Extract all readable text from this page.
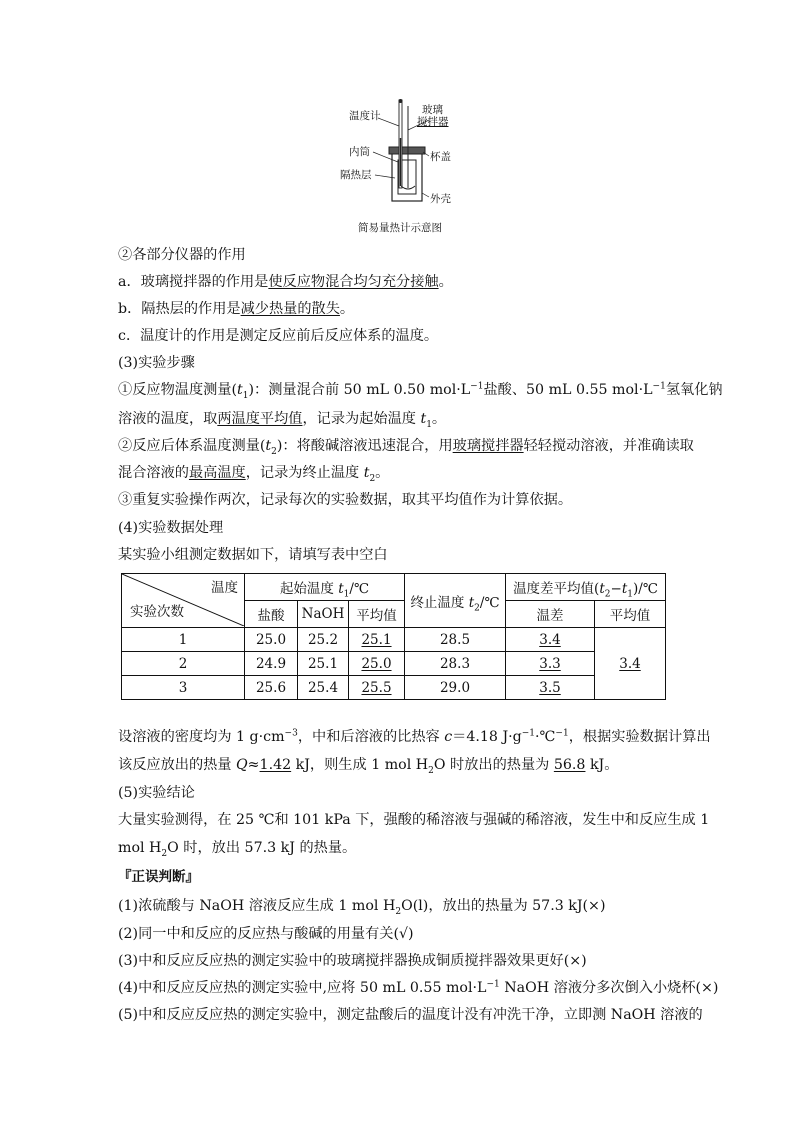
温度计	玻璃
搅拌器
内筒	杯盖
隔热层
外壳
简易量热计示意图
②各部分仪器的作用
a．玻璃搅拌器的作用是使反应物混合均匀充分接触。
b．隔热层的作用是减少热量的散失。
c．温度计的作用是测定反应前后反应体系的温度。
(3)实验步骤
①反应物温度测量$(t_1)$：测量混合前 50 mL 0.50 $mol\cdot L^{-1}$盐酸、50 mL 0.55 $mol\cdot L^{-1}$氢氧化钠
溶液的温度，取两温度平均值，记录为起始温度 $t_1$。
②反应后体系温度测量$(t_2)$：将酸碱溶液迅速混合，用玻璃搅拌器轻轻搅动溶液，并准确读取
混合溶液的最高温度，记录为终止温度 $t_2$。
③重复实验操作两次，记录每次的实验数据，取其平均值作为计算依据。
(4)实验数据处理
某实验小组测定数据如下，请填写表中空白
温度
实验次数	起始温度 $t_1/℃$			终止温度 $t_2/℃$	温度差平均值$(t_2-t_1)/℃$	
	盐酸	NaOH	平均值		温差	平均值
1	25.0	25.2	25.1	28.5	3.4	3.4
2	24.9	25.1	25.0	28.3	3.3	
3	25.6	25.4	25.5	29.0	3.5	
设溶液的密度均为 1 $g\cdot cm^{-3}$，中和后溶液的比热容 c＝4.18 $J\cdot g^{-1}\cdot℃^{-1}$，根据实验数据计算出
该反应放出的热量 Q≈1.42 kJ，则生成 1 mol $H_2O$ 时放出的热量为 56.8 kJ。
(5)实验结论
大量实验测得，在 25 ℃和 101 kPa 下，强酸的稀溶液与强碱的稀溶液，发生中和反应生成 1
mol $H_2O$ 时，放出 57.3 kJ 的热量。
『正误判断』
(1)浓硫酸与 NaOH 溶液反应生成 1 mol $H_2O(l)$，放出的热量为 57.3 kJ(×)
(2)同一中和反应的反应热与酸碱的用量有关(√)
(3)中和反应反应热的测定实验中的玻璃搅拌器换成铜质搅拌器效果更好(×)
(4)中和反应反应热的测定实验中,应将 50 mL 0.55 $mol\cdot L^{-1}$ NaOH 溶液分多次倒入小烧杯(×)
(5)中和反应反应热的测定实验中，测定盐酸后的温度计没有冲洗干净，立即测 NaOH 溶液的
